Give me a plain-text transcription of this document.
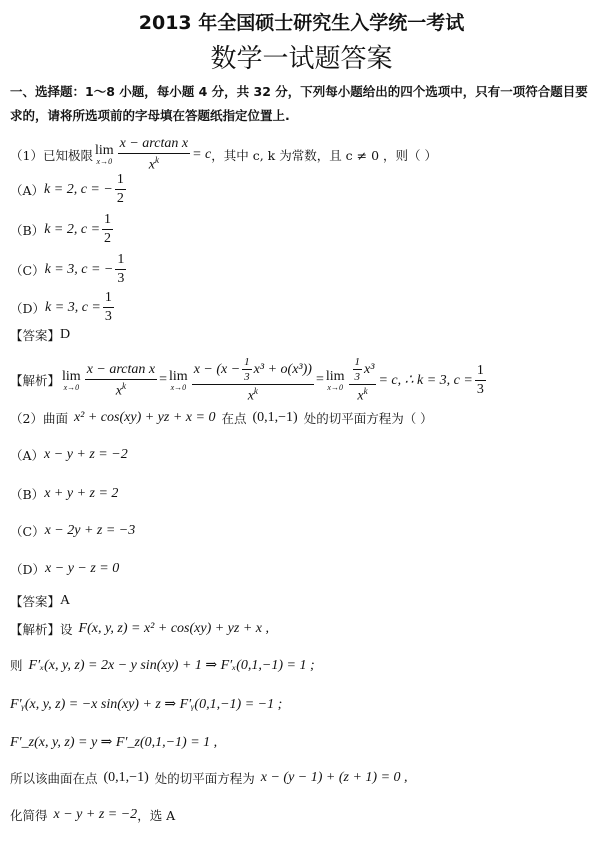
2013 年全国硕士研究生入学统一考试
数学一试题答案
一、选择题：1～8 小题，每小题 4 分，共 32 分，下列每小题给出的四个选项中，只有一项符合题目要求的，请将所选项前的字母填在答题纸指定位置上.
（1）已知极限 lim
$x\to 0 \frac{\text{x − arctan x}}{x^k} = c$ ，其中 c, k 为常数，且 c ≠ 0 ，则（ ）
（A） k = 2, c = − $\frac{1}{2}$
（B） k = 2, $c = \frac{1}{2}$
（C） k = 3, c = − $\frac{1}{3}$
（D） k = 3, $c = \frac{1}{3}$
【答案】 D
【解析】 lim
$x\to 0 \frac{\text{x − arctan x}}{x^k} = \lim$
$x\to 0 \frac{x - (x - \frac{1}{3} x^3 + o(x^3))}{x^k} = \lim$
$x\to 0 \frac{\frac{1}{3} x^3}{x^k} = c$, ∴ k = 3, $c = \frac{1}{3}$
（2）曲面 x² + cos(xy) + yz + x = 0 在点 (0,1,−1) 处的切平面方程为（ ）
（A） x − y + z = −2
（B） x + y + z = 2
（C） x − 2y + z = −3
（D） x − y − z = 0
【答案】 A
【解析】 设 F(x, y, z) = x² + cos(xy) + yz + x ,
则 F′ₓ(x, y, z) = 2x − y sin(xy) + 1 ⇒ F′ₓ(0,1,−1) = 1 ;
F′ᵧ(x, y, z) = −x sin(xy) + z ⇒ F′ᵧ(0,1,−1) = −1 ;
F′_z(x, y, z) = y ⇒ F′_z(0,1,−1) = 1 ,
所以该曲面在点 (0,1,−1) 处的切平面方程为 x − (y − 1) + (z + 1) = 0 ,
化简得 x − y + z = −2 ，选 A
